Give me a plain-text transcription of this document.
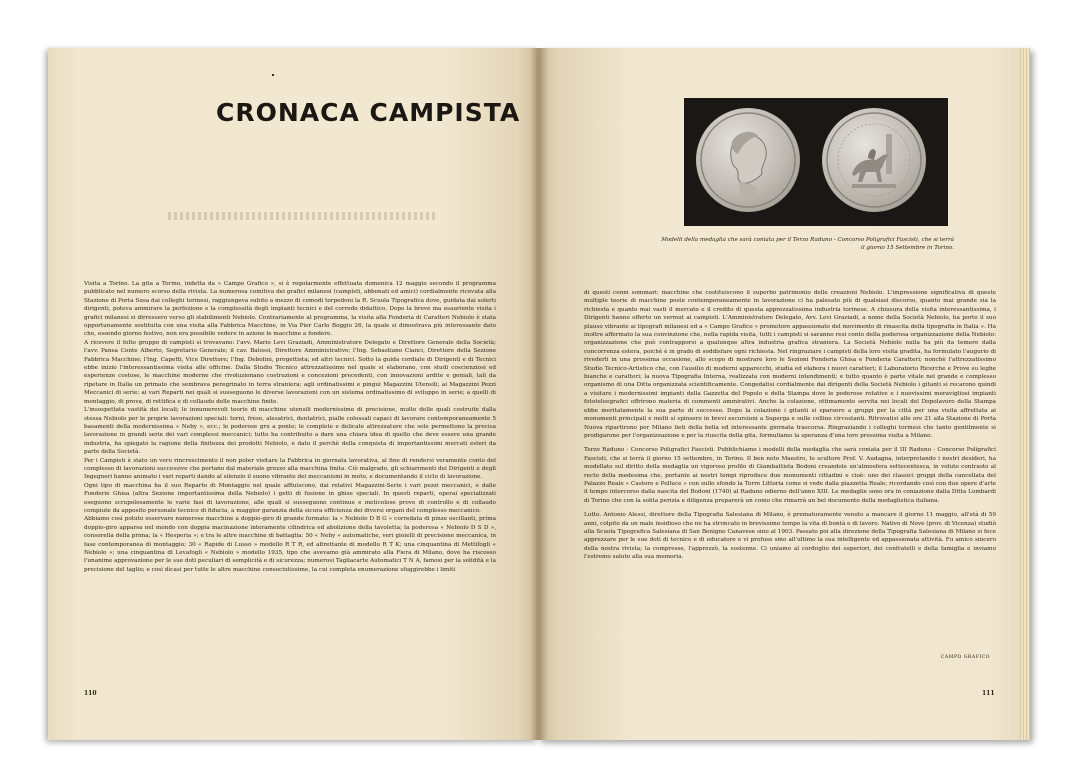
CRONACA CAMPISTA

Visita a Torino. La gita a Torino, indetta da « Campo Grafico », si è regolarmente effettuata domenica 12 maggio secondo il programma pubblicato nel numero scorso della rivista. La numerosa comitiva dei grafici milanesi (campisti, abbonati ed amici) cordialmente ricevuta alla Stazione di Porta Susa dai colleghi torinesi, raggiungeva subito a mezzo di comodi torpedoni la R. Scuola Tipografica dove, guidata dai solerti dirigenti, poteva ammirare la perfezione e la complessità degli impianti tecnici e del corredo didattico. Dopo la breve ma esauriente visita i grafici milanesi si dirressero verso gli stabilimenti Nebiolo. Contrariamente al programma, la visita alla Fonderia di Caratteri Nebiolo è stata opportunamente sostituita con una visita alla Fabbrica Macchine, in Via Pier Carlo Boggio 26, la quale si dimostrava più interessante dato che, essendo giorno festivo, non era possibile vedere in azione le macchine a fondere.

A ricevere il folto gruppo di campisti si trovavano: l'avv. Mario Levi Graziadi, Amministratore Delegato e Direttore Generale della Società; l'avv. Pansa Conte Alberto, Segretario Generale; il cav. Balossi, Direttore Amministrativo; l'Ing. Sebastiano Cianci, Direttore della Sezione Fabbrica Macchine; l'Ing. Capetti, Vice Direttore; l'Ing. Debolini, progettista; ed altri tecnici. Sotto la guida cordiale di Dirigenti e di Tecnici ebbe inizio l'interessantissima visita alle officine. Dalla Studio Tecnico attrezzatissimo nel quale si elaborano, con studi coscienziosi ed esperienze costose, le macchine moderne che rivoluzionano costruzioni e concezioni precedenti, con innovazioni ardite e geniali, tali da ripetare in Italia un primato che sembrava peregrinato in terra straniera; agli ordinatissimi e pingui Magazzini Utensili; ai Magazzini Pezzi Meccanici di serie; ai vari Reparti nei quali si susseguono le diverse lavorazioni con un sistema ordinatissimo di sviluppo in serie; a quelli di montaggio, di prova, di rettifica e di collaudo delle macchine finite.

L'insospettata vastità dei locali; le innumerevoli teorie di macchine utensili modernissime di precisione, molte delle quali costruite dalla stessa Nebiolo per le proprie lavorazioni speciali: torni, frese, alesatrici, dentatrici, pialle colossali capaci di lavorare contemporaneamente 5 basamenti della modernissima « Neby », ecc.; le poderose gru a ponte; le complete e delicate attrezzature che sole permettono la precisa lavorazione in grandi serie dei vari complessi meccanici; tutto ha contribuito a dare una chiara idea di quello che deve essere una grande industria, ha spiegato la ragione della finitezza dei prodotti Nebiolo, e dato il perchè della conquista di importantissimi mercati esteri da parte della Società.

Per i Campisti è stato un vero rincrescimento il non poter visitare la Fabbrica in giornata lavorativa, al fine di rendersi veramente conto del complesso di lavorazioni successive che portano dal materiale grezzo alla macchina finita. Ciò malgrado, gli schiarimenti dei Dirigenti e degli Ingegneri hanno animato i vari reparti dando al silenzio il suono vibrante dei meccanismi in moto, e documentando il ciclo di lavorazione.

Ogni tipo di macchina ha il suo Reparto di Montaggio nel quale affluiscono, dai relativi Magazzini-Serie i vari pezzi meccanici, e dalle Fonderie Ghisa (altra Sezione importantissima della Nebiolo) i getti di fusione in ghise speciali. In questi reparti, operai specializzati eseguono scrupolosamente le varie fasi di lavorazione, alle quali si susseguono continue e meticolose prove di controllo e di collaudo compiute da apposito personale tecnico di fiducia, a maggior garanzia della sicura efficienza dei diversi organi del complesso meccanico.

Abbiamo così potuto osservare numerose macchine a doppio-giro di grande formato: la « Nebiolo D B G » corredata di pinze oscillanti, prima doppio-giro apparsa nel mondo con doppia macinazione interamente cilindrica ed abolizione della tavoletta; la poderosa « Nebiolo D S D », consorella della prima; la « Hesperia »; e tra le altre macchine di battaglia: 50 « Neby » automatiche, veri gioielli di precisione meccanica, in fase contemporanea di montaggio; 30 « Rapide di Lusso » modello R T R, ed altrettante di modello R T K; una cinquantina di Mettifogli « Nebiolo »; una cinquantina di Levafogli « Nebiolo » modello 1935, tipo che avevamo già ammirato alla Fiera di Milano, dove ha riscosso l'unanime approvazione per le sue doti peculiari di semplicità e di sicurezza; numerosi Tagliacarte Automatici T N A, famosi per la solidità e la precisione del taglio; e così dicasi per tutte le altre macchine consociutissime, la cui completa enumerazione sfuggirebbe i limiti

110
Modelli della medaglia che sarà coniata per il Terzo Raduno - Concorso Poligrafici Fascisti, che si terrà il giorno 15 Settembre in Torino.

di questi cenni sommari: macchine che costituiscono il superbo patrimonio delle creazioni Nebiolo. L'impressione significativa di queste multiple teorie di macchine poste contemporaneamente in lavorazione ci ha palesato più di qualsiasi discorso, quanto mai grande sia la richiesta e quanto mai vasti il mercato e il credito di questa apprezzatissima industria torinese. A chiusura della visita interessantissima, i Dirigenti hanno offerto un vermut ai campisti. L'Amministratore Delegato, Avv. Levi Graziadi, a nome della Società Nebiolo, ha porto il suo plauso vibrante ai tipografi milanesi ed a « Campo Grafico » promotore appassionato del movimento di rinascita della tipografia in Italia ». Ha inoltre affermato la sua convinzione che, nella rapida visita, tutti i campisti si saranno resi conto della poderosa organizzazione della Nebiolo: organizzazione che può contrapporsi a qualunque altra industria grafica straniera. La Società Nebiolo nulla ha più da temere dalla concorrenza estera, poichè è in grado di soddisfare ogni richiesta. Nel ringraziare i campisti della loro visita gradita, ha formulato l'augurio di rivederli in una prossima occasione, allo scopo di mostrare loro le Sezioni Fonderia Ghisa e Fonderia Caratteri; nonchè l'attrezzatissimo Studio Tecnico-Artistico che, con l'ausilio di moderni apparecchi, studia ed elabora i nuovi caratteri; il Laboratorio Ricerche e Prove su leghe bianche e caratteri; la nuova Tipografia Interna, realizzata con moderni intendimenti; e tutto quanto è parte vitale nel grande e complesso organismo di una Ditta organizzata scientificamente. Congedatisi cordialmente dai dirigenti della Società Nebiolo i gitanti si recarono quindi a visitare i modernissimi impianti della Gazzetta del Popolo e della Stampa dove le poderose rotative e i nuovissimi meravigliosi impianti fototeleegrafici offrirono materia di commenti ammirativi. Anche la colazione, ottimamente servita nei locali del Dopolavoro della Stampa ebbe meritatamente la sua parte di successo. Dopo la colazione i gitanti si sparsero a gruppi per la città per una visita affrettata ai monumenti principali e molti si spinsero in brevi escursioni a Superga e sulle colline circostanti. Ritrovatisi alle ore 21 alla Stazione di Porta Nuova ripartirono per Milano lieti della bella ed interessante giornata trascorsa. Ringraziando i colleghi torinesi che tanto gentilmente si prodigarono per l'organizzazione e per la riuscita della gita, formuliamo la speranza d'una loro prossima visita a Milano.

Terzo Raduno - Concorso Poligrafici Fascisti. Pubblichiamo i modelli della medaglia che sarà coniata per il III Raduno - Concorso Poligrafici Fascisti, che si terrà il giorno 15 settembre, in Torino. Il ben noto Maestro, lo scultore Prof. V. Audagna, interpretando i nostri desideri, ha modellato sul diritto della medaglia un vigoroso profilo di Giambattista Bodoni creandole un'atmosfera settecentesca, in voluto contrasto al recto della medesima che, portante ai nostri tempi riproduce due monumenti cittadini e cioè: uno dei classici gruppi della cancellata del Palazzo Reale « Castore e Polluce » con sullo sfondo la Torre Littoria come si vede dalla piazzetta Reale; ricordando così con due opere d'arte il tempo intercorso dalla nascita del Bodoni (1740) al Raduno odierno dell'anno XIII. Le medaglie sono ora in coniazione dalla Ditta Lombardi di Torino che con la solita perizia e diligenza preparerà un conio che rimarrà un bel documento della medaglistica italiana.

Lutto. Antonio Alessi, direttore della Tipografia Salesiana di Milano, è prematuramente venuto a mancare il giorno 11 maggio, all'età di 59 anni, colpito da un male insidioso che ne ha stroncato in brevissimo tempo la vita di bontà e di lavoro. Nativo di Nove (prov. di Vicenza) studiò alla Scuola Tipografica Salesiana di San Benigno Canavese sino al 1903. Passato poi alla direzione della Tipografia Salesiana di Milano si fece apprezzare per le sue doti di tecnico e di educatore e vi profuse sino all'ultimo la sua intelligente ed appassionata attività. Fu amico sincero della nostra rivista; la compresse, l'apprezzò, la sostenne. Ci uniamo al cordoglio dei superiori, dei confratelli e della famiglia e inviamo l'estremo saluto alla sua memoria.

CAMPO GRAFICO
111
